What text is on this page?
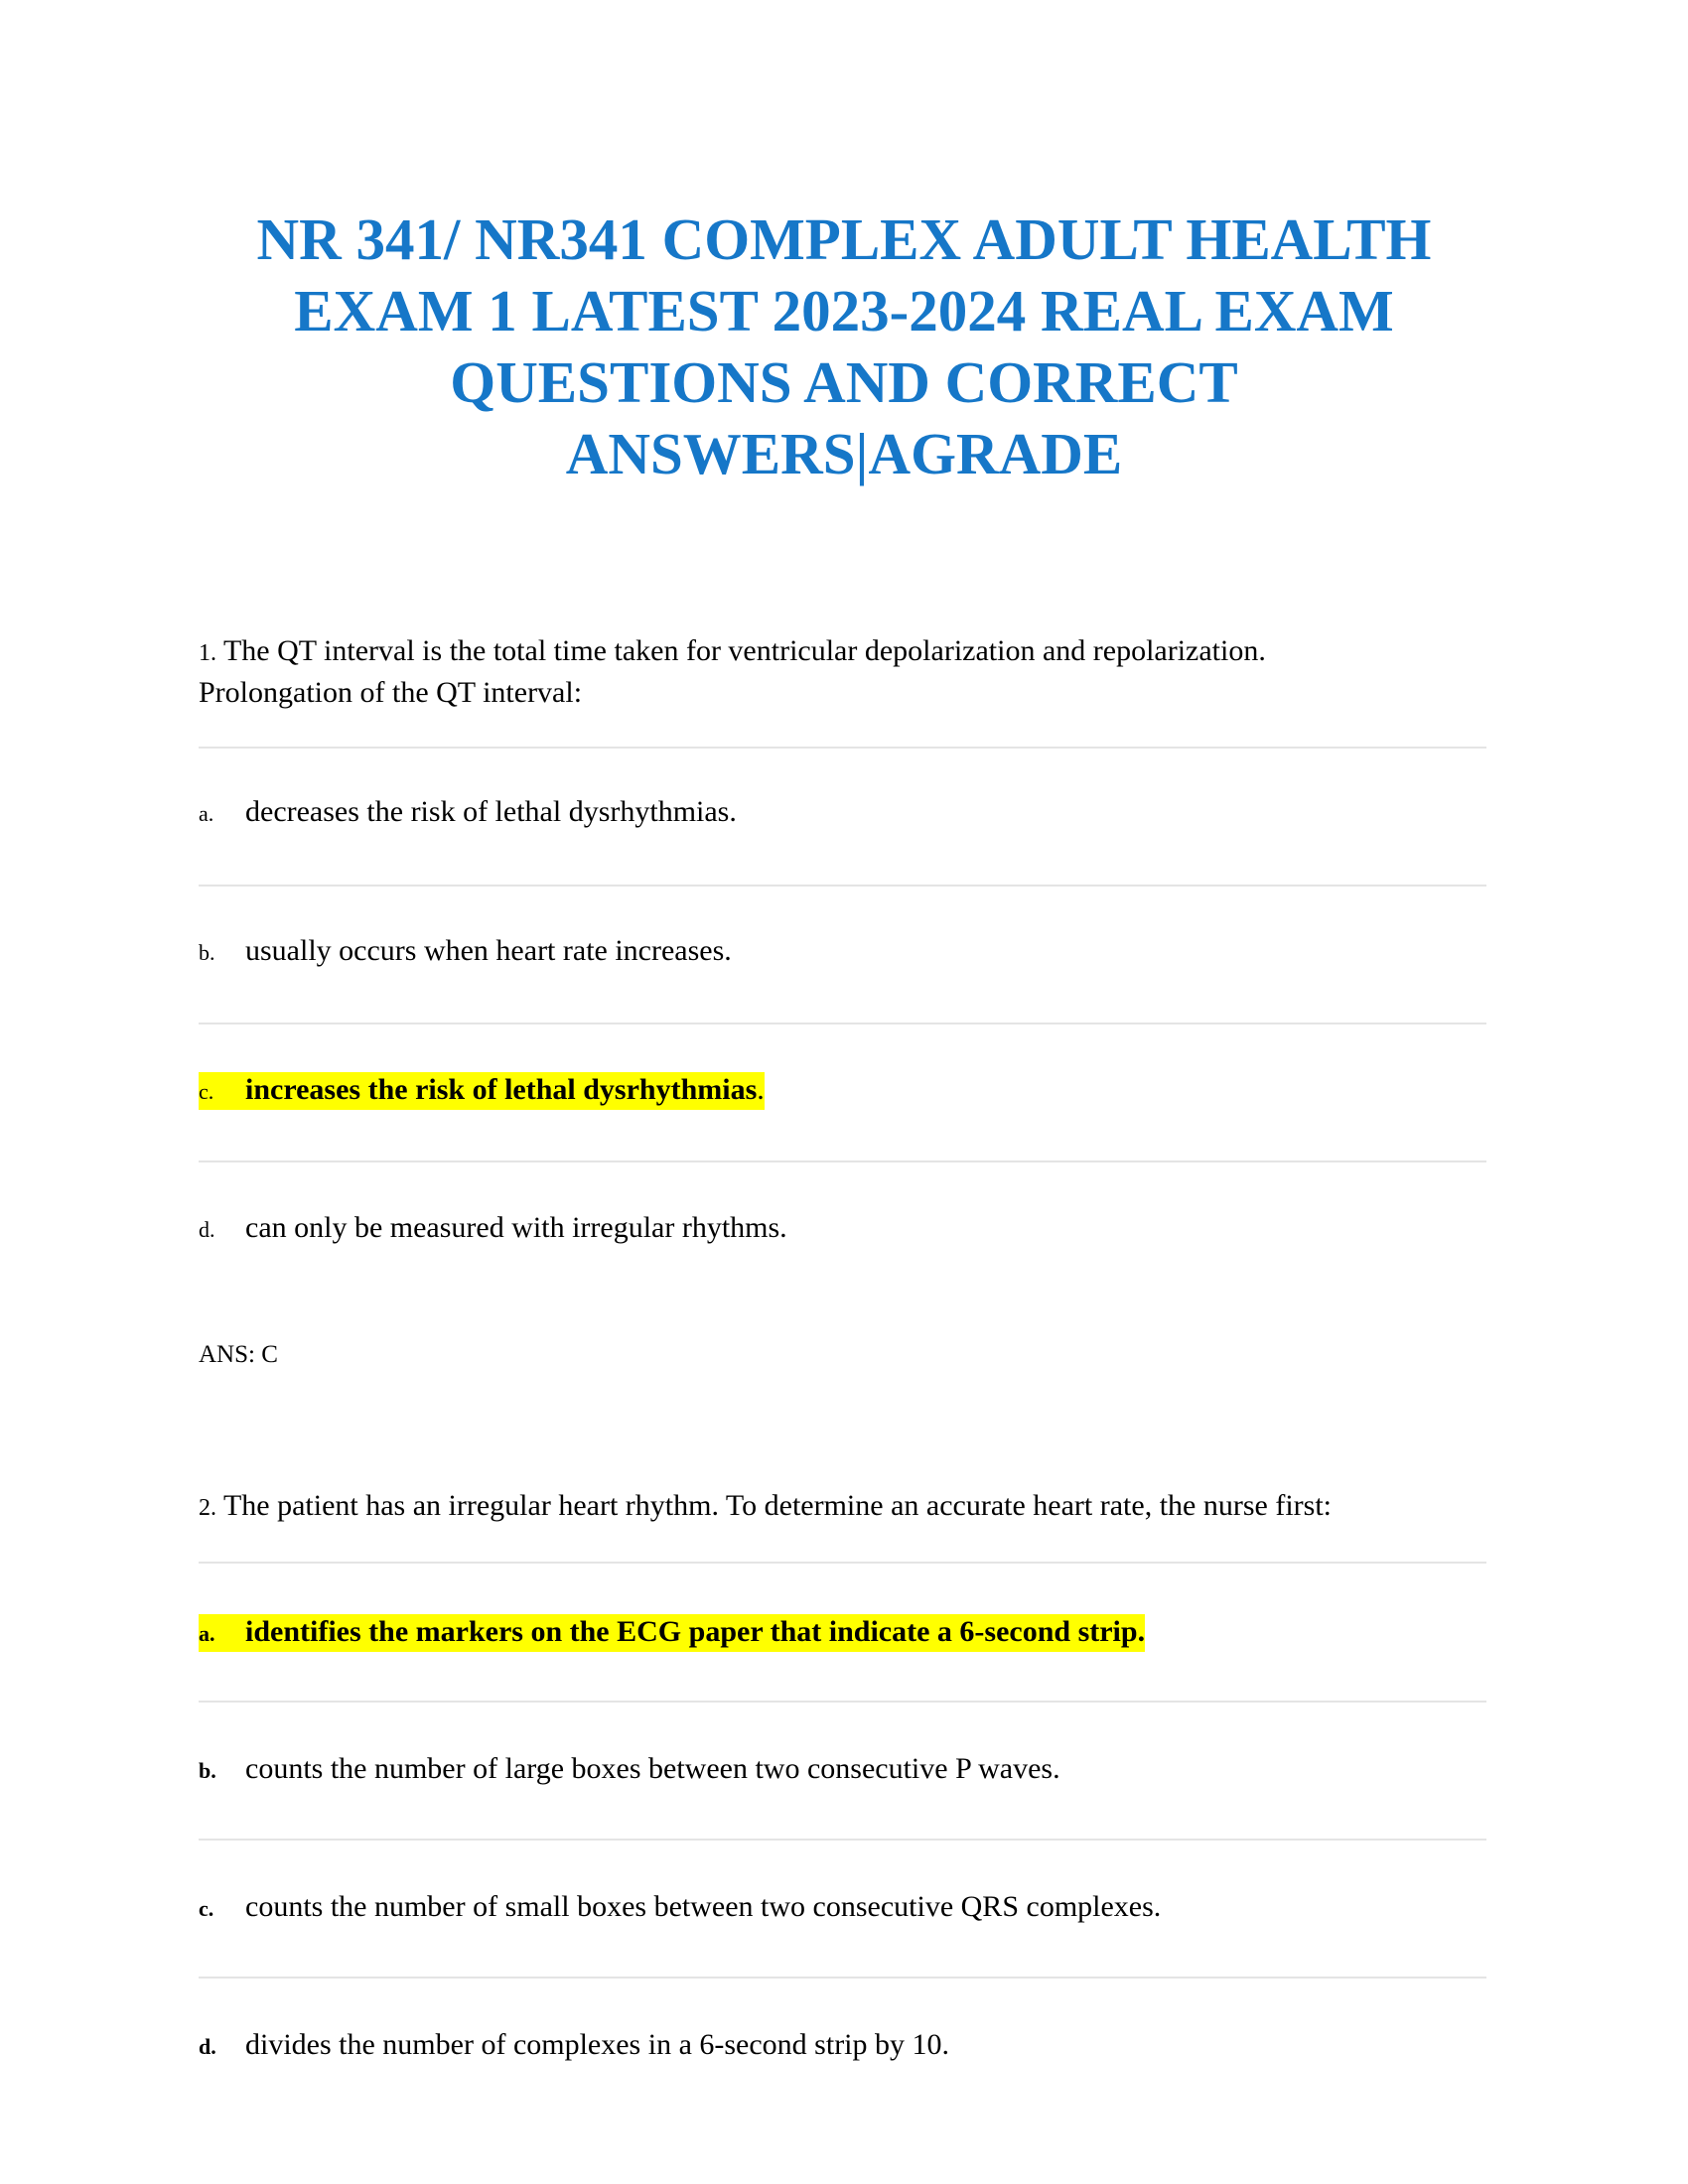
NR 341/ NR341 COMPLEX ADULT HEALTH
EXAM 1 LATEST 2023-2024 REAL EXAM
QUESTIONS AND CORRECT
ANSWERS|AGRADE
1. The QT interval is the total time taken for ventricular depolarization and repolarization.
Prolongation of the QT interval:
a. decreases the risk of lethal dysrhythmias.
b. usually occurs when heart rate increases.
c. increases the risk of lethal dysrhythmias.
d. can only be measured with irregular rhythms.
ANS: C
2. The patient has an irregular heart rhythm. To determine an accurate heart rate, the nurse first:
a. identifies the markers on the ECG paper that indicate a 6-second strip.
b. counts the number of large boxes between two consecutive P waves.
c. counts the number of small boxes between two consecutive QRS complexes.
d. divides the number of complexes in a 6-second strip by 10.
